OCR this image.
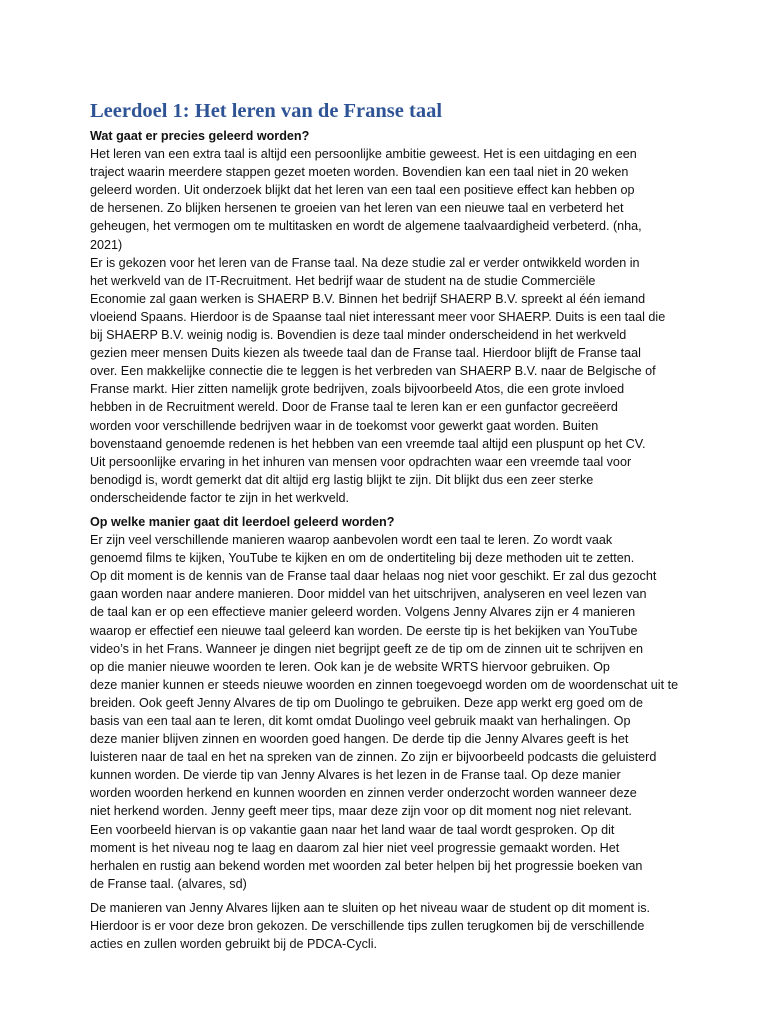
Leerdoel 1: Het leren van de Franse taal

Wat gaat er precies geleerd worden?

Het leren van een extra taal is altijd een persoonlijke ambitie geweest. Het is een uitdaging en een

traject waarin meerdere stappen gezet moeten worden. Bovendien kan een taal niet in 20 weken

geleerd worden. Uit onderzoek blijkt dat het leren van een taal een positieve effect kan hebben op

de hersenen. Zo blijken hersenen te groeien van het leren van een nieuwe taal en verbeterd het

geheugen, het vermogen om te multitasken en wordt de algemene taalvaardigheid verbeterd. (nha,

2021)

Er is gekozen voor het leren van de Franse taal. Na deze studie zal er verder ontwikkeld worden in

het werkveld van de IT-Recruitment. Het bedrijf waar de student na de studie Commerciële

Economie zal gaan werken is SHAERP B.V. Binnen het bedrijf SHAERP B.V. spreekt al één iemand

vloeiend Spaans. Hierdoor is de Spaanse taal niet interessant meer voor SHAERP. Duits is een taal die

bij SHAERP B.V. weinig nodig is. Bovendien is deze taal minder onderscheidend in het werkveld

gezien meer mensen Duits kiezen als tweede taal dan de Franse taal. Hierdoor blijft de Franse taal

over. Een makkelijke connectie die te leggen is het verbreden van SHAERP B.V. naar de Belgische of

Franse markt. Hier zitten namelijk grote bedrijven, zoals bijvoorbeeld Atos, die een grote invloed

hebben in de Recruitment wereld. Door de Franse taal te leren kan er een gunfactor gecreëerd

worden voor verschillende bedrijven waar in de toekomst voor gewerkt gaat worden. Buiten

bovenstaand genoemde redenen is het hebben van een vreemde taal altijd een pluspunt op het CV.

Uit persoonlijke ervaring in het inhuren van mensen voor opdrachten waar een vreemde taal voor

benodigd is, wordt gemerkt dat dit altijd erg lastig blijkt te zijn. Dit blijkt dus een zeer sterke

onderscheidende factor te zijn in het werkveld.

Op welke manier gaat dit leerdoel geleerd worden?

Er zijn veel verschillende manieren waarop aanbevolen wordt een taal te leren. Zo wordt vaak

genoemd films te kijken, YouTube te kijken en om de ondertiteling bij deze methoden uit te zetten.

Op dit moment is de kennis van de Franse taal daar helaas nog niet voor geschikt. Er zal dus gezocht

gaan worden naar andere manieren. Door middel van het uitschrijven, analyseren en veel lezen van

de taal kan er op een effectieve manier geleerd worden. Volgens Jenny Alvares zijn er 4 manieren

waarop er effectief een nieuwe taal geleerd kan worden. De eerste tip is het bekijken van YouTube

video’s in het Frans. Wanneer je dingen niet begrijpt geeft ze de tip om de zinnen uit te schrijven en

op die manier nieuwe woorden te leren. Ook kan je de website WRTS hiervoor gebruiken. Op

deze manier kunnen er steeds nieuwe woorden en zinnen toegevoegd worden om de woordenschat uit te

breiden. Ook geeft Jenny Alvares de tip om Duolingo te gebruiken. Deze app werkt erg goed om de

basis van een taal aan te leren, dit komt omdat Duolingo veel gebruik maakt van herhalingen. Op

deze manier blijven zinnen en woorden goed hangen. De derde tip die Jenny Alvares geeft is het

luisteren naar de taal en het na spreken van de zinnen. Zo zijn er bijvoorbeeld podcasts die geluisterd

kunnen worden. De vierde tip van Jenny Alvares is het lezen in de Franse taal. Op deze manier

worden woorden herkend en kunnen woorden en zinnen verder onderzocht worden wanneer deze

niet herkend worden. Jenny geeft meer tips, maar deze zijn voor op dit moment nog niet relevant.

Een voorbeeld hiervan is op vakantie gaan naar het land waar de taal wordt gesproken. Op dit

moment is het niveau nog te laag en daarom zal hier niet veel progressie gemaakt worden. Het

herhalen en rustig aan bekend worden met woorden zal beter helpen bij het progressie boeken van

de Franse taal. (alvares, sd)

De manieren van Jenny Alvares lijken aan te sluiten op het niveau waar de student op dit moment is.

Hierdoor is er voor deze bron gekozen. De verschillende tips zullen terugkomen bij de verschillende

acties en zullen worden gebruikt bij de PDCA-Cycli.
